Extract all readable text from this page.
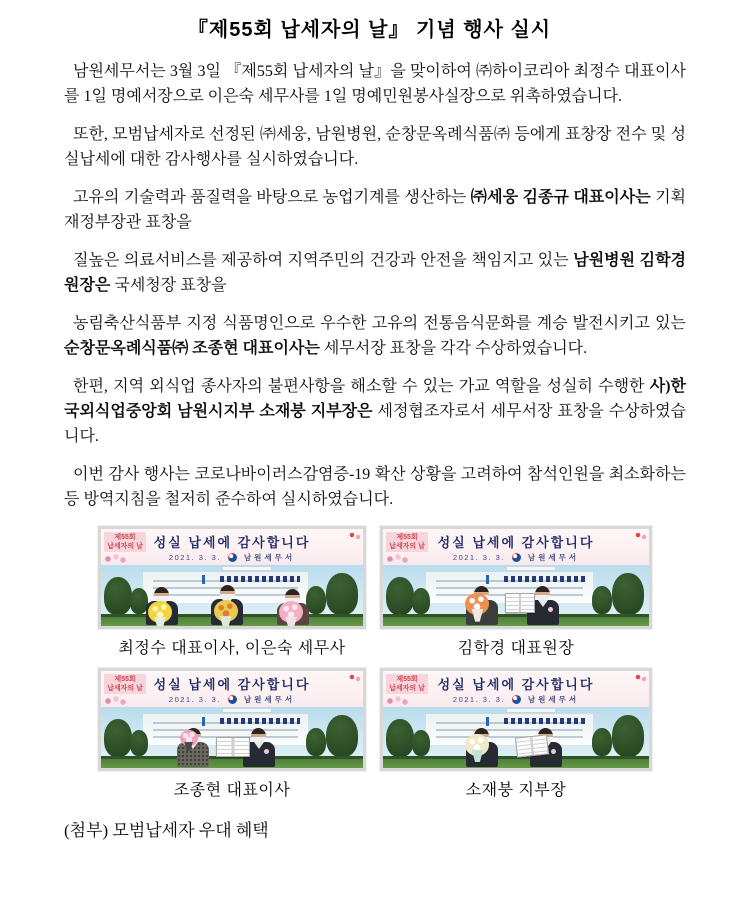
『제55회 납세자의 날』 기념 행사 실시

남원세무서는 3월 3일 『제55회 납세자의 날』을 맞이하여 ㈜하이코리아 최정수 대표이사를 1일 명예서장으로 이은숙 세무사를 1일 명예민원봉사실장으로 위촉하였습니다.

또한, 모범납세자로 선정된 ㈜세웅, 남원병원, 순창문옥례식품㈜ 등에게 표창장 전수 및 성실납세에 대한 감사행사를 실시하였습니다.

고유의 기술력과 품질력을 바탕으로 농업기계를 생산하는 ㈜세웅 김종규 대표이사는 기획재정부장관 표창을

질높은 의료서비스를 제공하여 지역주민의 건강과 안전을 책임지고 있는 남원병원 김학경 원장은 국세청장 표창을

농림축산식품부 지정 식품명인으로 우수한 고유의 전통음식문화를 계승 발전시키고 있는 순창문옥례식품㈜ 조종현 대표이사는 세무서장 표창을 각각 수상하였습니다.

한편, 지역 외식업 종사자의 불편사항을 해소할 수 있는 가교 역할을 성실히 수행한 사)한국외식업중앙회 남원시지부 소재붕 지부장은 세정협조자로서 세무서장 표창을 수상하였습니다.

이번 감사 행사는 코로나바이러스감염증-19 확산 상황을 고려하여 참석인원을 최소화하는 등 방역지침을 철저히 준수하여 실시하였습니다.

제55회
납세자의 날 성실 납세에 감사합니다
2021. 3. 3.	남원세무서
최정수 대표이사, 이은숙 세무사
제55회
납세자의 날 성실 납세에 감사합니다
2021. 3. 3.	남원세무서
김학경 대표원장
제55회
납세자의 날 성실 납세에 감사합니다
2021. 3. 3.	남원세무서
조종현 대표이사
제55회
납세자의 날 성실 납세에 감사합니다
2021. 3. 3.	남원세무서
소재붕 지부장

(첨부) 모범납세자 우대 혜택
